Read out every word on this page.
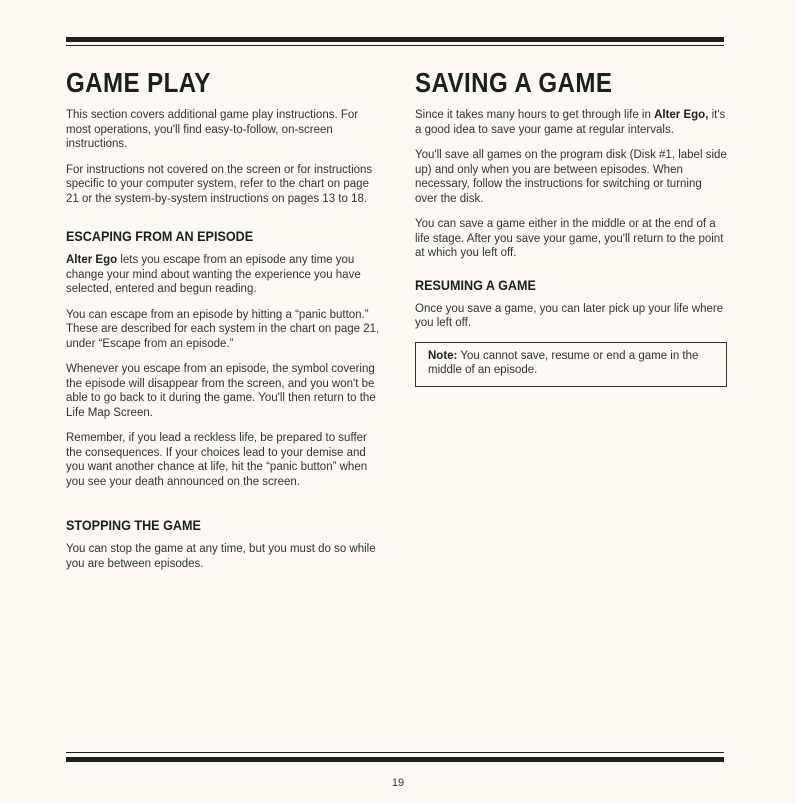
GAME PLAY

This section covers additional game play instructions. For most operations, you'll find easy-to-follow, on-screen instructions.

For instructions not covered on the screen or for instructions specific to your computer system, refer to the chart on page 21 or the system-by-system instructions on pages 13 to 18.

ESCAPING FROM AN EPISODE

Alter Ego lets you escape from an episode any time you change your mind about wanting the experience you have selected, entered and begun reading.

You can escape from an episode by hitting a “panic button.” These are described for each system in the chart on page 21, under “Escape from an episode.”

Whenever you escape from an episode, the symbol covering the episode will disappear from the screen, and you won't be able to go back to it during the game. You'll then return to the Life Map Screen.

Remember, if you lead a reckless life, be prepared to suffer the consequences. If your choices lead to your demise and you want another chance at life, hit the “panic button” when you see your death announced on the screen.

STOPPING THE GAME

You can stop the game at any time, but you must do so while you are between episodes.

SAVING A GAME

Since it takes many hours to get through life in Alter Ego, it's a good idea to save your game at regular intervals.

You'll save all games on the program disk (Disk #1, label side up) and only when you are between episodes. When necessary, follow the instructions for switching or turning over the disk.

You can save a game either in the middle or at the end of a life stage. After you save your game, you'll return to the point at which you left off.

RESUMING A GAME

Once you save a game, you can later pick up your life where you left off.

Note: You cannot save, resume or end a game in the middle of an episode.

19
